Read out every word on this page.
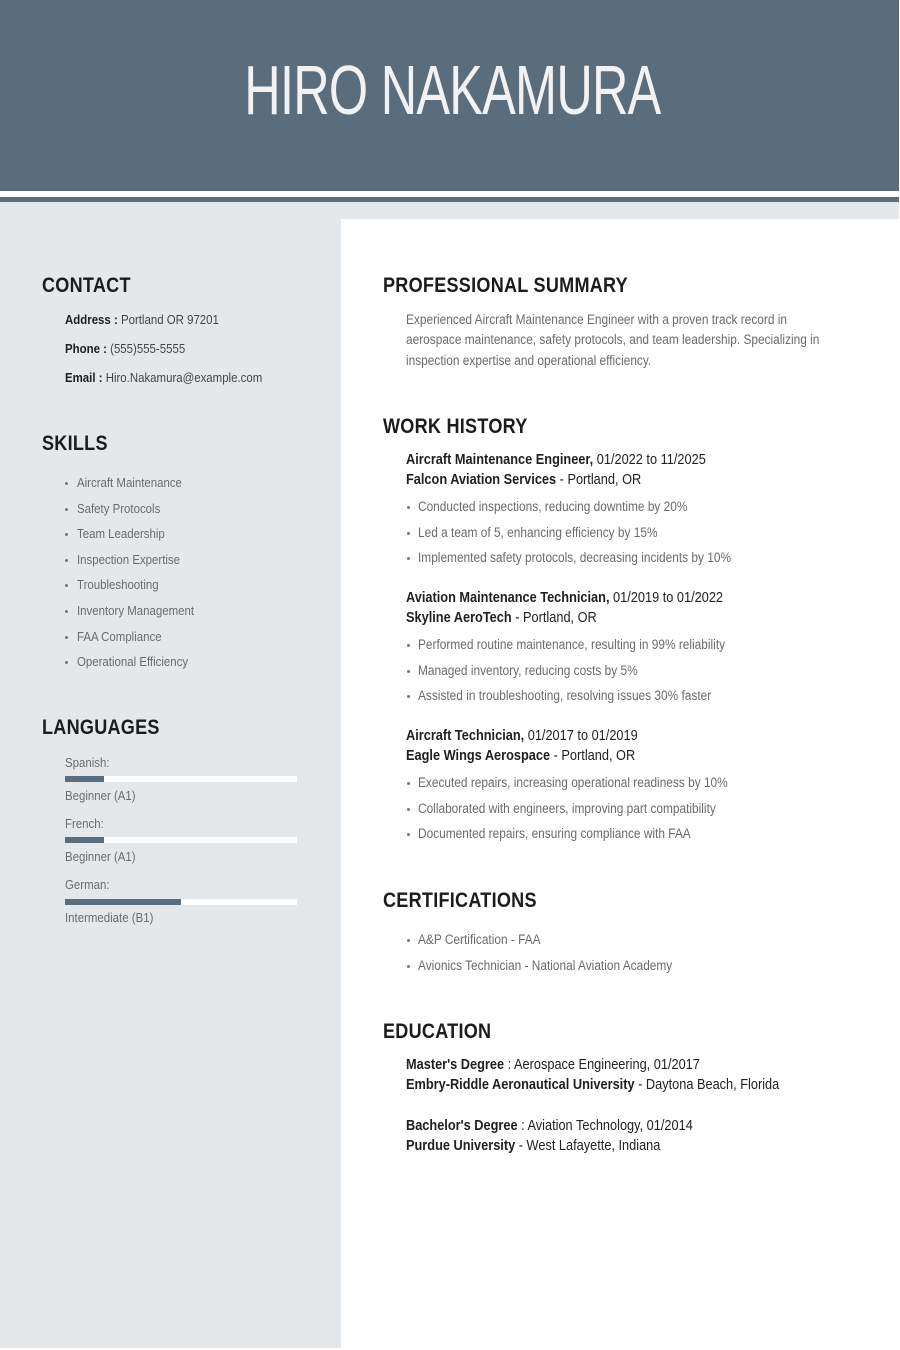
HIRO NAKAMURA
CONTACT
Address : Portland OR 97201
Phone : (555)555-5555
Email : Hiro.Nakamura@example.com
SKILLS
Aircraft Maintenance
Safety Protocols
Team Leadership
Inspection Expertise
Troubleshooting
Inventory Management
FAA Compliance
Operational Efficiency
LANGUAGES
Spanish:
Beginner (A1)
French:
Beginner (A1)
German:
Intermediate (B1)
PROFESSIONAL SUMMARY
Experienced Aircraft Maintenance Engineer with a proven track record in
aerospace maintenance, safety protocols, and team leadership. Specializing in
inspection expertise and operational efficiency.
WORK HISTORY
Aircraft Maintenance Engineer, 01/2022 to 11/2025
Falcon Aviation Services - Portland, OR
Conducted inspections, reducing downtime by 20%
Led a team of 5, enhancing efficiency by 15%
Implemented safety protocols, decreasing incidents by 10%
Aviation Maintenance Technician, 01/2019 to 01/2022
Skyline AeroTech - Portland, OR
Performed routine maintenance, resulting in 99% reliability
Managed inventory, reducing costs by 5%
Assisted in troubleshooting, resolving issues 30% faster
Aircraft Technician, 01/2017 to 01/2019
Eagle Wings Aerospace - Portland, OR
Executed repairs, increasing operational readiness by 10%
Collaborated with engineers, improving part compatibility
Documented repairs, ensuring compliance with FAA
CERTIFICATIONS
A&P Certification - FAA
Avionics Technician - National Aviation Academy
EDUCATION
Master's Degree : Aerospace Engineering, 01/2017
Embry-Riddle Aeronautical University - Daytona Beach, Florida
Bachelor's Degree : Aviation Technology, 01/2014
Purdue University - West Lafayette, Indiana
